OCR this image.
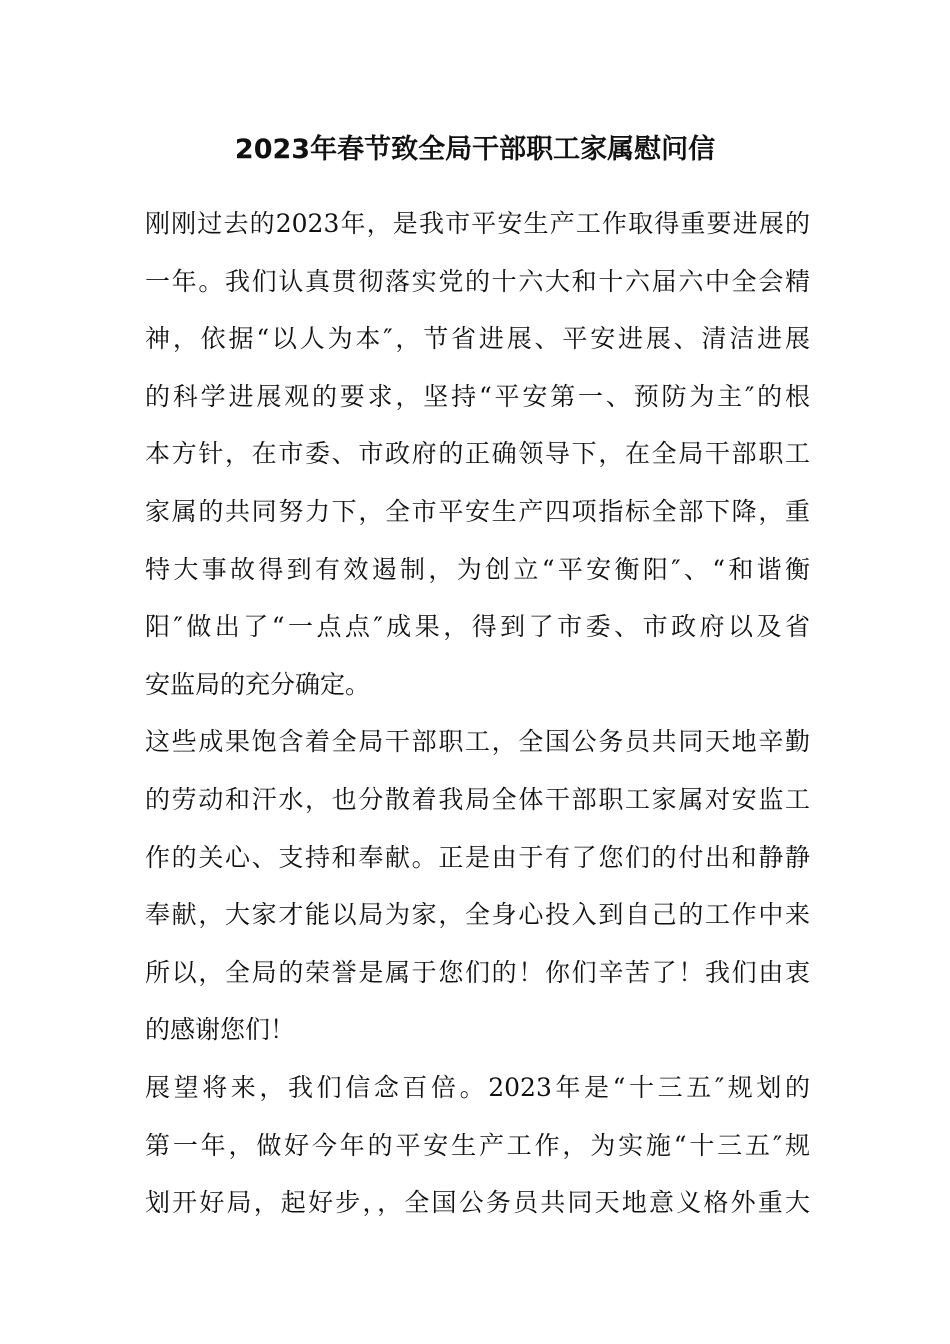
2023年春节致全局干部职工家属慰问信
刚刚过去的2023年，是我市平安生产工作取得重要进展的
一年。我们认真贯彻落实党的十六大和十六届六中全会精
神，依据“以人为本″，节省进展、平安进展、清洁进展
的科学进展观的要求，坚持“平安第一、预防为主″的根
本方针，在市委、市政府的正确领导下，在全局干部职工
家属的共同努力下，全市平安生产四项指标全部下降，重
特大事故得到有效遏制，为创立“平安衡阳″、“和谐衡
阳″做出了“一点点″成果，得到了市委、市政府以及省
安监局的充分确定。
这些成果饱含着全局干部职工，全国公务员共同天地辛勤
的劳动和汗水，也分散着我局全体干部职工家属对安监工
作的关心、支持和奉献。正是由于有了您们的付出和静静
奉献，大家才能以局为家，全身心投入到自己的工作中来
所以，全局的荣誉是属于您们的！你们辛苦了！我们由衷
的感谢您们！
展望将来，我们信念百倍。2023年是“十三五″规划的
第一年，做好今年的平安生产工作，为实施“十三五″规
划开好局，起好步，，全国公务员共同天地意义格外重大
